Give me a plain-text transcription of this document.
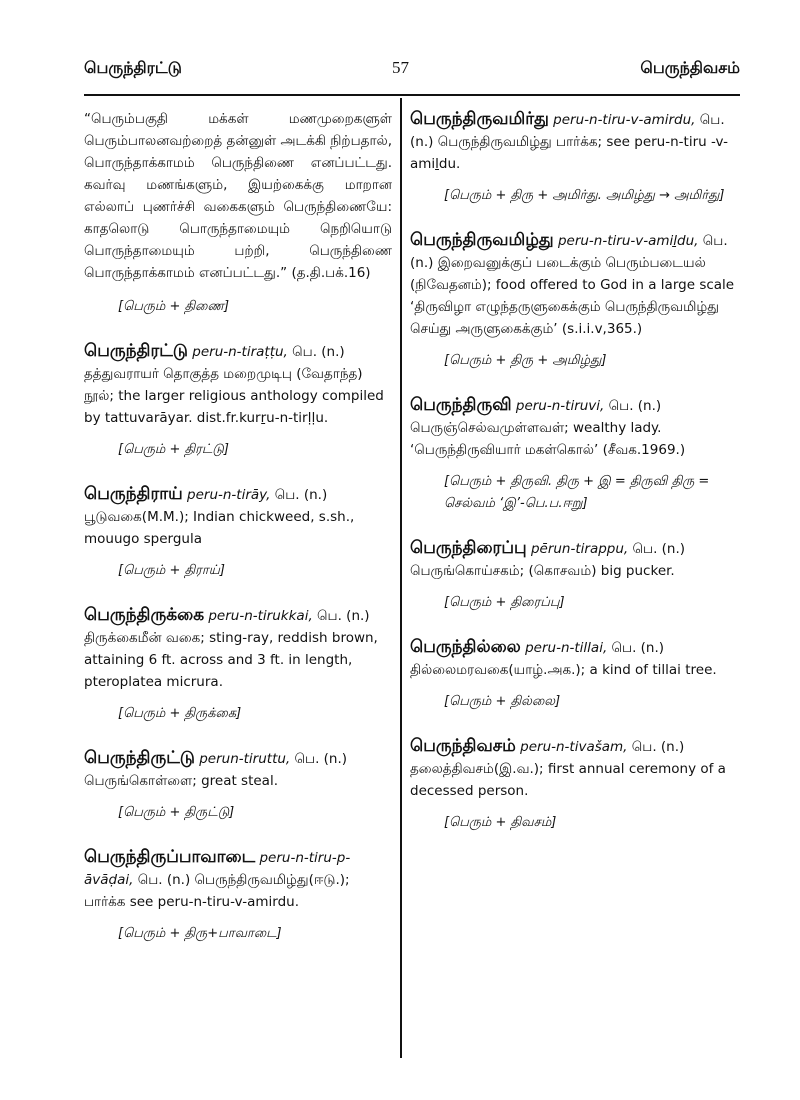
பெருந்திரட்டு	57	பெருந்திவசம்

“பெரும்பகுதி மக்கள் மணமுறைகளுள் பெரும்பாலனவற்றைத் தன்னுள் அடக்கி நிற்பதால், பொருந்தாக்காமம் பெருந்திணை எனப்பட்டது. கவர்வு மணங்களும், இயற்கைக்கு மாறான எல்லாப் புணர்ச்சி வகைகளும் பெருந்திணையே: காதலொடு பொருந்தாமையும் நெறியொடு பொருந்தாமையும் பற்றி, பெருந்திணை பொருந்தாக்காமம் எனப்பட்டது.” (த.தி.பக்.16)

[பெரும் + திணை]

பெருந்திரட்டு peru-n-tiraṭṭu, பெ. (n.) தத்துவராயர் தொகுத்த மறைமுடிபு (வேதாந்த) நூல்; the larger religious anthology compiled by tattuvarāyar. dist.fr.kurṟu-n-tirḷḷu.

[பெரும் + திரட்டு]

பெருந்திராய் peru-n-tirāy, பெ. (n.) பூடுவகை(M.M.); Indian chickweed, s.sh., mouugo spergula

[பெரும் + திராய்]

பெருந்திருக்கை peru-n-tirukkai, பெ. (n.) திருக்கைமீன் வகை; sting-ray, reddish brown, attaining 6 ft. across and 3 ft. in length, pteroplatea micrura.

[பெரும் + திருக்கை]

பெருந்திருட்டு perun-tiruttu, பெ. (n.) பெருங்கொள்ளை; great steal.

[பெரும் + திருட்டு]

பெருந்திருப்பாவாடை peru-n-tiru-p-āvāḍai, பெ. (n.) பெருந்திருவமிழ்து(ஈடு.); பார்க்க see peru-n-tiru-v-amirdu.

[பெரும் + திரு+பாவாடை]

பெருந்திருவமிர்து peru-n-tiru-v-amirdu, பெ. (n.) பெருந்திருவமிழ்து பார்க்க; see peru-n-tiru -v-amiḻdu.

[பெரும் + திரு + அமிர்து. அமிழ்து → அமிர்து]

பெருந்திருவமிழ்து peru-n-tiru-v-amiḻdu, பெ. (n.) இறைவனுக்குப் படைக்கும் பெரும்படையல் (நிவேதனம்); food offered to God in a large scale ‘திருவிழா எழுந்தருளுகைக்கும் பெருந்திருவமிழ்து செய்து அருளுகைக்கும்’ (s.i.i.v,365.)

[பெரும் + திரு + அமிழ்து]

பெருந்திருவி peru-n-tiruvi, பெ. (n.) பெருஞ்செல்வமுள்ளவள்; wealthy lady. ‘பெருந்திருவியார் மகள்கொல்’ (சீவக.1969.)

[பெரும் + திருவி. திரு + இ = திருவி திரு = செல்வம் ‘இ’-பெ.ப.ஈறு]

பெருந்திரைப்பு pērun-tirappu, பெ. (n.) பெருங்கொய்சகம்; (கொசவம்) big pucker.

[பெரும் + திரைப்பு]

பெருந்தில்லை peru-n-tillai, பெ. (n.) தில்லைமரவகை(யாழ்.அக.); a kind of tillai tree.

[பெரும் + தில்லை]

பெருந்திவசம் peru-n-tivašam, பெ. (n.) தலைத்திவசம்(இ.வ.); first annual ceremony of a decessed person.

[பெரும் + திவசம்]
